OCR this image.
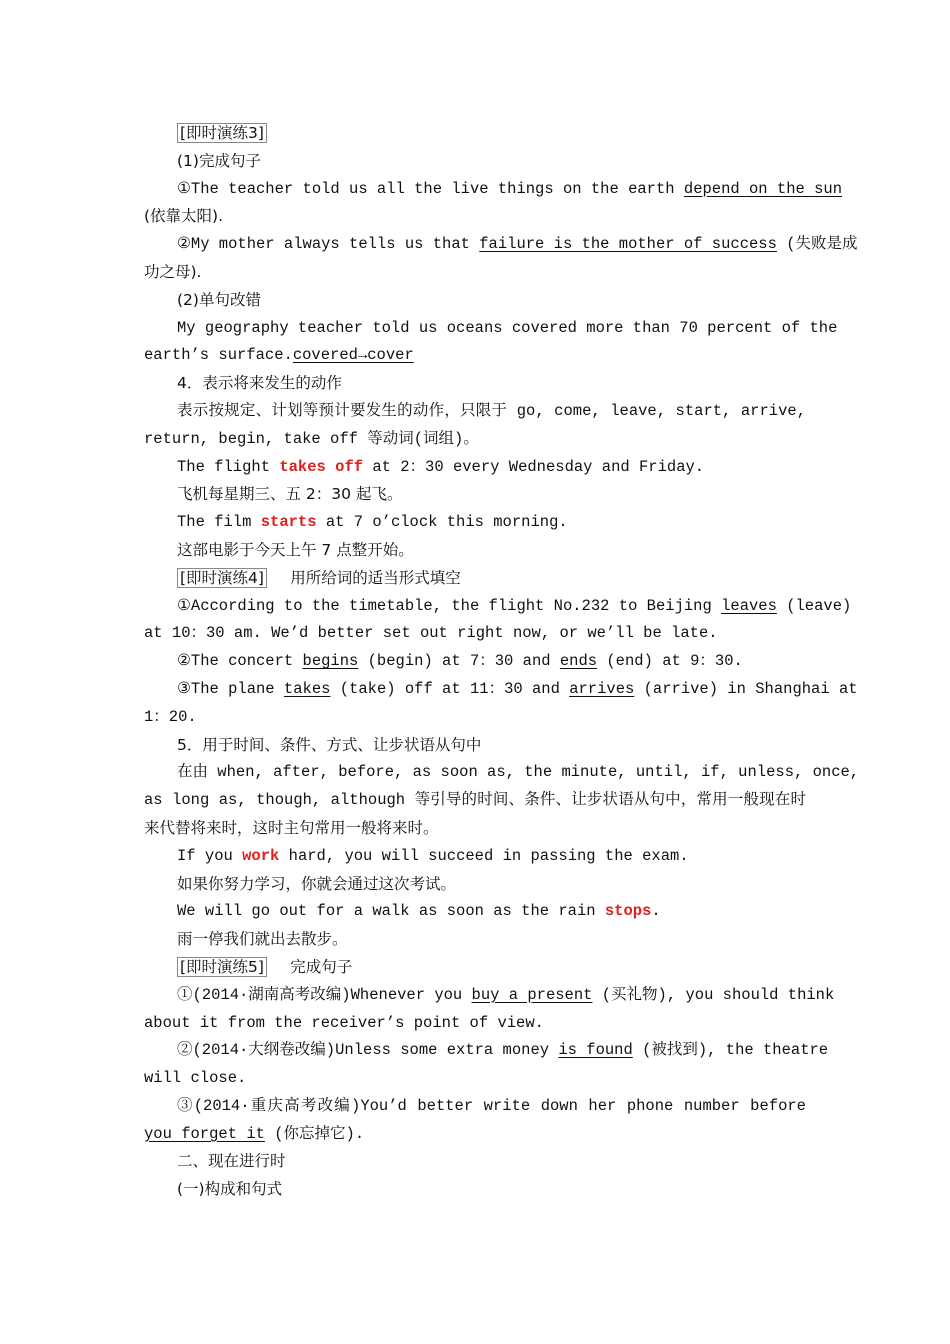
[即时演练3]
(1)完成句子
①The teacher told us all the live things on the earth depend on the sun
(依靠太阳).
②My mother always tells us that failure is the mother of success (失败是成
功之母).
(2)单句改错
My geography teacher told us oceans covered more than 70 percent of the
earth’s surface.covered→cover
4．表示将来发生的动作
表示按规定、计划等预计要发生的动作，只限于 go, come, leave, start, arrive,
return, begin, take off 等动词(词组)。
The flight takes off at 2：30 every Wednesday and Friday.
飞机每星期三、五 2：30 起飞。
The film starts at 7 o’clock this morning.
这部电影于今天上午 7 点整开始。
[即时演练4] 用所给词的适当形式填空
①According to the timetable, the flight No.232 to Beijing leaves (leave)
at 10：30 am. We’d better set out right now, or we’ll be late.
②The concert begins (begin) at 7：30 and ends (end) at 9：30.
③The plane takes (take) off at 11：30 and arrives (arrive) in Shanghai at
1：20.
5．用于时间、条件、方式、让步状语从句中
在由 when, after, before, as soon as, the minute, until, if, unless, once,
as long as, though, although 等引导的时间、条件、让步状语从句中，常用一般现在时
来代替将来时，这时主句常用一般将来时。
If you work hard, you will succeed in passing the exam.
如果你努力学习，你就会通过这次考试。
We will go out for a walk as soon as the rain stops.
雨一停我们就出去散步。
[即时演练5] 完成句子
①(2014·湖南高考改编)Whenever you buy a present (买礼物), you should think
about it from the receiver’s point of view.
②(2014·大纲卷改编)Unless some extra money is found (被找到), the theatre
will close.
③(2014·重庆高考改编)You’d better write down her phone number before
you forget it (你忘掉它).
二、现在进行时
(一)构成和句式
